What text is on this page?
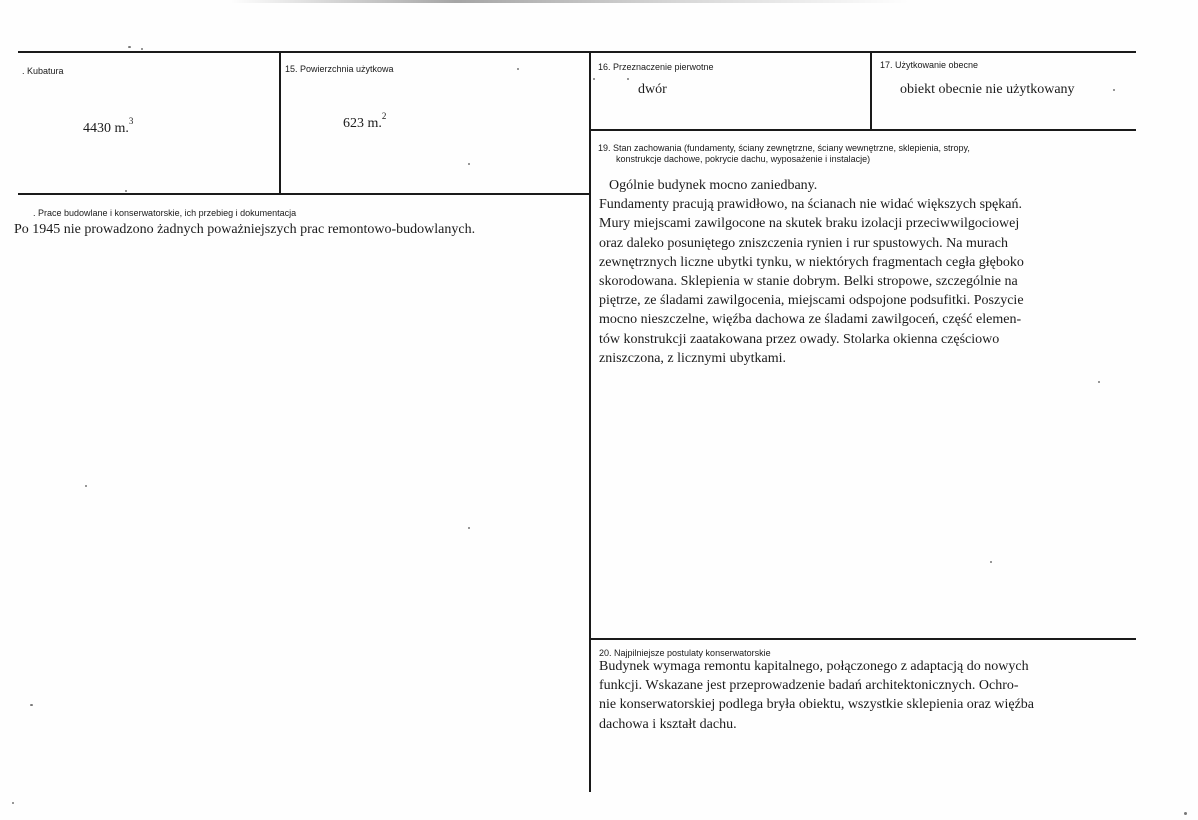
. Kubatura
4430 m.$^3$
15. Powierzchnia użytkowa
623 m.$^2$
16. Przeznaczenie pierwotne
dwór
17. Użytkowanie obecne
obiekt obecnie nie użytkowany
. Prace budowlane i konserwatorskie, ich przebieg i dokumentacja
Po 1945 nie prowadzono żadnych poważniejszych prac remontowo-budowlanych.
19. Stan zachowania (fundamenty, ściany zewnętrzne, ściany wewnętrzne, sklepienia, stropy,
konstrukcje dachowe, pokrycie dachu, wyposażenie i instalacje)
Ogólnie budynek mocno zaniedbany.
Fundamenty pracują prawidłowo, na ścianach nie widać większych spękań.
Mury miejscami zawilgocone na skutek braku izolacji przeciwwilgociowej
oraz daleko posuniętego zniszczenia rynien i rur spustowych. Na murach
zewnętrznych liczne ubytki tynku, w niektórych fragmentach cegła głęboko
skorodowana. Sklepienia w stanie dobrym. Belki stropowe, szczególnie na
piętrze, ze śladami zawilgocenia, miejscami odspojone podsufitki. Poszycie
mocno nieszczelne, więźba dachowa ze śladami zawilgoceń, część elemen-
tów konstrukcji zaatakowana przez owady. Stolarka okienna częściowo
zniszczona, z licznymi ubytkami.
20. Najpilniejsze postulaty konserwatorskie
Budynek wymaga remontu kapitalnego, połączonego z adaptacją do nowych
funkcji. Wskazane jest przeprowadzenie badań architektonicznych. Ochro-
nie konserwatorskiej podlega bryła obiektu, wszystkie sklepienia oraz więźba
dachowa i kształt dachu.
